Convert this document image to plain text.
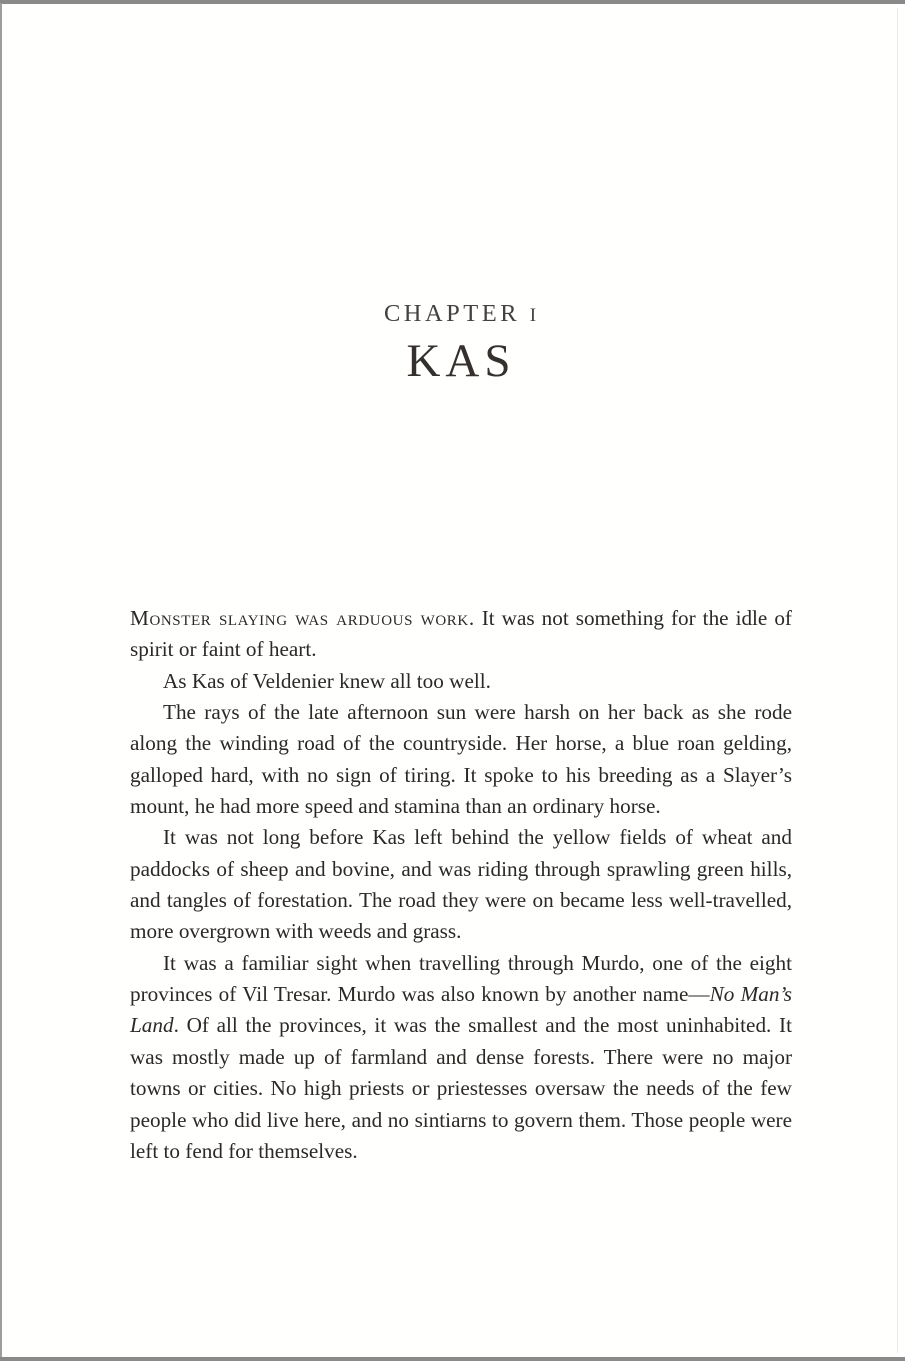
CHAPTER I
KAS

Monster slaying was arduous work. It was not something for the idle of spirit or faint of heart.

As Kas of Veldenier knew all too well.

The rays of the late afternoon sun were harsh on her back as she rode along the winding road of the countryside. Her horse, a blue roan gelding, galloped hard, with no sign of tiring. It spoke to his breeding as a Slayer’s mount, he had more speed and stamina than an ordinary horse.

It was not long before Kas left behind the yellow fields of wheat and paddocks of sheep and bovine, and was riding through sprawling green hills, and tangles of forestation. The road they were on became less well-travelled, more overgrown with weeds and grass.

It was a familiar sight when travelling through Murdo, one of the eight provinces of Vil Tresar. Murdo was also known by another name—No Man’s Land. Of all the provinces, it was the smallest and the most uninhabited. It was mostly made up of farmland and dense forests. There were no major towns or cities. No high priests or priestesses oversaw the needs of the few people who did live here, and no sintiarns to govern them. Those people were left to fend for themselves.
